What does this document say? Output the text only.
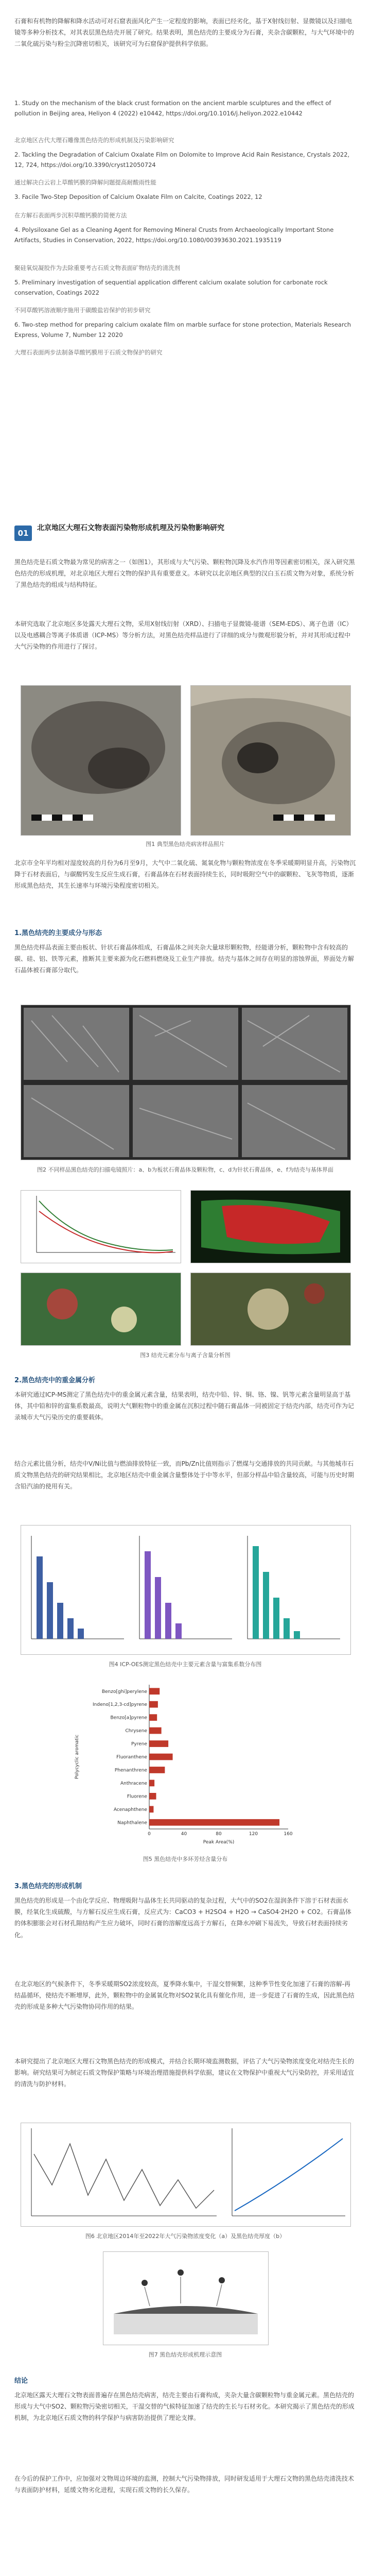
石膏和有机物的降解和降水活动可对石窟表面风化产生一定程度的影响，表面已经劣化，基于X射线衍射、显微镜以及扫描电镜等多种分析技术，对其表层黑色结壳开展了研究。结果表明，黑色结壳的主要成分为石膏，夹杂含碳颗粒，与大气环境中的二氧化硫污染与粉尘沉降密切相关，该研究可为石窟保护提供科学依据。
1. Study on the mechanism of the black crust formation on the ancient marble sculptures and the effect of pollution in Beijing area, Heliyon 4 (2022) e10442, https://doi.org/10.1016/j.heliyon.2022.e10442
北京地区古代大理石雕像黑色结壳的形成机制及污染影响研究
2. Tackling the Degradation of Calcium Oxalate Film on Dolomite to Improve Acid Rain Resistance, Crystals 2022, 12, 724, https://doi.org/10.3390/cryst12050724
通过解决白云岩上草酸钙膜的降解问题提高耐酸雨性能
3. Facile Two-Step Deposition of Calcium Oxalate Film on Calcite, Coatings 2022, 12
在方解石表面两步沉积草酸钙膜的简便方法
4. Polysiloxane Gel as a Cleaning Agent for Removing Mineral Crusts from Archaeologically Important Stone Artifacts, Studies in Conservation, 2022, https://doi.org/10.1080/00393630.2021.1935119
聚硅氧烷凝胶作为去除重要考古石质文物表面矿物结壳的清洗剂
5. Preliminary investigation of sequential application different calcium oxalate solution for carbonate rock conservation, Coatings 2022
不同草酸钙溶液顺序施用于碳酸盐岩保护的初步研究
6. Two-step method for preparing calcium oxalate film on marble surface for stone protection, Materials Research Express, Volume 7, Number 12 2020
大理石表面两步法制备草酸钙膜用于石质文物保护的研究
01
北京地区大理石文物表面污染物形成机理及污染物影响研究
黑色结壳是石质文物最为常见的病害之一（如图1），其形成与大气污染、颗粒物沉降及水汽作用等因素密切相关，深入研究黑色结壳的形成机理，对北京地区大理石文物的保护具有重要意义。本研究以北京地区典型的汉白玉石质文物为对象，系统分析了黑色结壳的组成与结构特征。
本研究选取了北京地区多处露天大理石文物，采用X射线衍射（XRD）、扫描电子显微镜-能谱（SEM-EDS）、离子色谱（IC）以及电感耦合等离子体质谱（ICP-MS）等分析方法，对黑色结壳样品进行了详细的成分与微观形貌分析，并对其形成过程中大气污染物的作用进行了探讨。
图1 典型黑色结壳病害样品照片
北京市全年平均相对湿度较高的月份为6月至9月，大气中二氧化硫、氮氧化物与颗粒物浓度在冬季采暖期明显升高，污染物沉降于石材表面后，与碳酸钙发生反应生成石膏，石膏晶体在石材表面持续生长，同时吸附空气中的碳颗粒、飞灰等物质，逐渐形成黑色结壳，其生长速率与环境污染程度密切相关。
1.黑色结壳的主要成分与形态
黑色结壳样品表面主要由板状、针状石膏晶体组成，石膏晶体之间夹杂大量球形颗粒物，经能谱分析，颗粒物中含有较高的碳、硅、铝、铁等元素，推断其主要来源为化石燃料燃烧及工业生产排放。结壳与基体之间存在明显的溶蚀界面，界面处方解石晶体被石膏部分取代。
图2 不同样品黑色结壳的扫描电镜照片：a、b为板状石膏晶体及颗粒物，c、d为针状石膏晶体，e、f为结壳与基体界面
图3 结壳元素分布与离子含量分析图
2.黑色结壳中的重金属分析
本研究通过ICP-MS测定了黑色结壳中的重金属元素含量，结果表明，结壳中铅、锌、铜、铬、镍、钒等元素含量明显高于基体，其中铅和锌的富集系数最高，说明大气颗粒物中的重金属在沉积过程中随石膏晶体一同被固定于结壳内部，结壳可作为记录城市大气污染历史的重要载体。
结合元素比值分析，结壳中V/Ni比值与燃油排放特征一致，而Pb/Zn比值则指示了燃煤与交通排放的共同贡献。与其他城市石质文物黑色结壳的研究结果相比，北京地区结壳中重金属含量整体处于中等水平，但部分样品中铅含量较高，可能与历史时期含铅汽油的使用有关。
图4 ICP-OES测定黑色结壳中主要元素含量与富集系数分布图
Benzo[ghi]perylene
Indeno[1,2,3-cd]pyrene
Benzo[a]pyrene
Chrysene
Pyrene
Fluoranthene
Phenanthrene
Anthracene
Fluorene
Acenaphthene
Naphthalene
0	40	80	120	160
Peak Area(%)
Polycyclic aromatic
图5 黑色结壳中多环芳烃含量分布
3.黑色结壳的形成机制
黑色结壳的形成是一个由化学反应、物理吸附与晶体生长共同驱动的复杂过程，大气中的SO2在湿润条件下溶于石材表面水膜，经氧化生成硫酸，与方解石反应生成石膏，反应式为：CaCO3 + H2SO4 + H2O → CaSO4·2H2O + CO2。石膏晶体的体积膨胀会对石材孔隙结构产生应力破坏，同时石膏的溶解度远高于方解石，在降水冲刷下易流失，导致石材表面持续劣化。
在北京地区的气候条件下，冬季采暖期SO2浓度较高，夏季降水集中，干湿交替频繁，这种季节性变化加速了石膏的溶解-再结晶循环，使结壳不断增厚，此外，颗粒物中的金属氧化物对SO2氧化具有催化作用，进一步促进了石膏的生成，因此黑色结壳的形成是多种大气污染物协同作用的结果。
本研究提出了北京地区大理石文物黑色结壳的形成模式，并结合长期环境监测数据，评估了大气污染物浓度变化对结壳生长的影响。研究结果可为制定石质文物保护策略与环境治理措施提供科学依据，建议在文物保护中重视大气污染防控，并采用适宜的清洗与防护材料。
图6 北京地区2014年至2022年大气污染物浓度变化（a）及黑色结壳厚度（b）
图7 黑色结壳形成机理示意图
结论
北京地区露天大理石文物表面普遍存在黑色结壳病害，结壳主要由石膏构成，夹杂大量含碳颗粒物与重金属元素。黑色结壳的形成与大气中SO2、颗粒物污染密切相关，干湿交替的气候特征加速了结壳的生长与石材劣化。本研究揭示了黑色结壳的形成机制，为北京地区石质文物的科学保护与病害防治提供了理论支撑。
在今后的保护工作中，应加强对文物周边环境的监测，控制大气污染物排放，同时研发适用于大理石文物的黑色结壳清洗技术与表面防护材料，延缓文物劣化进程，实现石质文物的长久保存。
